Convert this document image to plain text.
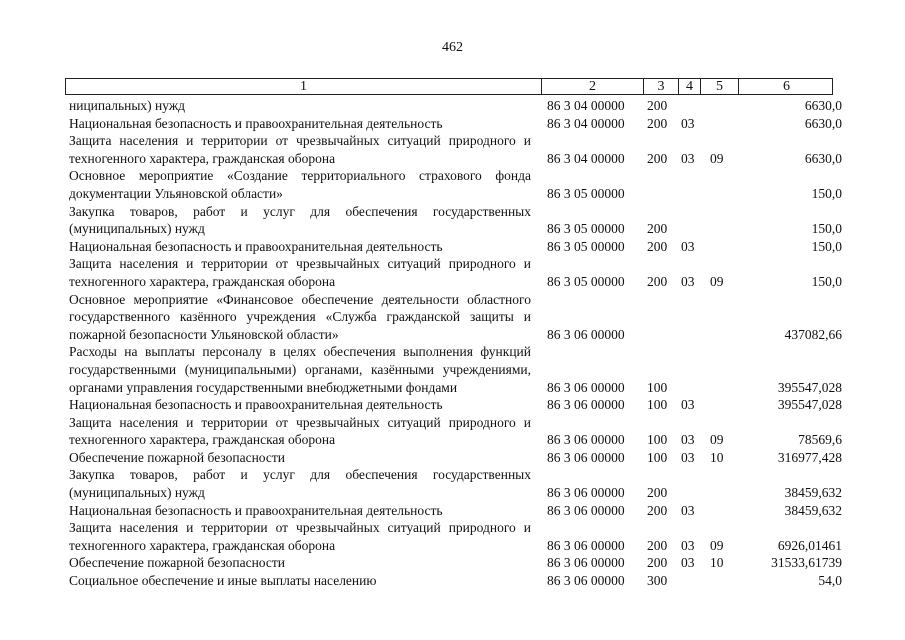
462
1	2	3	4	5	6
ниципальных) нужд	86 3 04 00000 200	6630,0
Национальная безопасность и правоохранительная деятельность	86 3 04 00000 200 03	6630,0
Защита населения и территории от чрезвычайных ситуаций природного и техногенного характера, гражданская оборона	86 3 04 00000 200 03 09	6630,0
Основное мероприятие «Создание территориального страхового фонда документации Ульяновской области»	86 3 05 00000	150,0
Закупка товаров, работ и услуг для обеспечения государственных (муниципальных) нужд	86 3 05 00000 200	150,0
Национальная безопасность и правоохранительная деятельность	86 3 05 00000 200 03	150,0
Защита населения и территории от чрезвычайных ситуаций природного и техногенного характера, гражданская оборона	86 3 05 00000 200 03 09	150,0
Основное мероприятие «Финансовое обеспечение деятельности областного государственного казённого учреждения «Служба гражданской защиты и пожарной безопасности Ульяновской области»	86 3 06 00000	437082,66
Расходы на выплаты персоналу в целях обеспечения выполнения функций государственными (муниципальными) органами, казёнными учреждениями, органами управления государственными внебюджетными фондами	86 3 06 00000 100	395547,028
Национальная безопасность и правоохранительная деятельность	86 3 06 00000 100 03	395547,028
Защита населения и территории от чрезвычайных ситуаций природного и техногенного характера, гражданская оборона	86 3 06 00000 100 03 09	78569,6
Обеспечение пожарной безопасности	86 3 06 00000 100 03 10	316977,428
Закупка товаров, работ и услуг для обеспечения государственных (муниципальных) нужд	86 3 06 00000 200	38459,632
Национальная безопасность и правоохранительная деятельность	86 3 06 00000 200 03	38459,632
Защита населения и территории от чрезвычайных ситуаций природного и техногенного характера, гражданская оборона	86 3 06 00000 200 03 09	6926,01461
Обеспечение пожарной безопасности	86 3 06 00000 200 03 10	31533,61739
Социальное обеспечение и иные выплаты населению	86 3 06 00000 300	54,0
